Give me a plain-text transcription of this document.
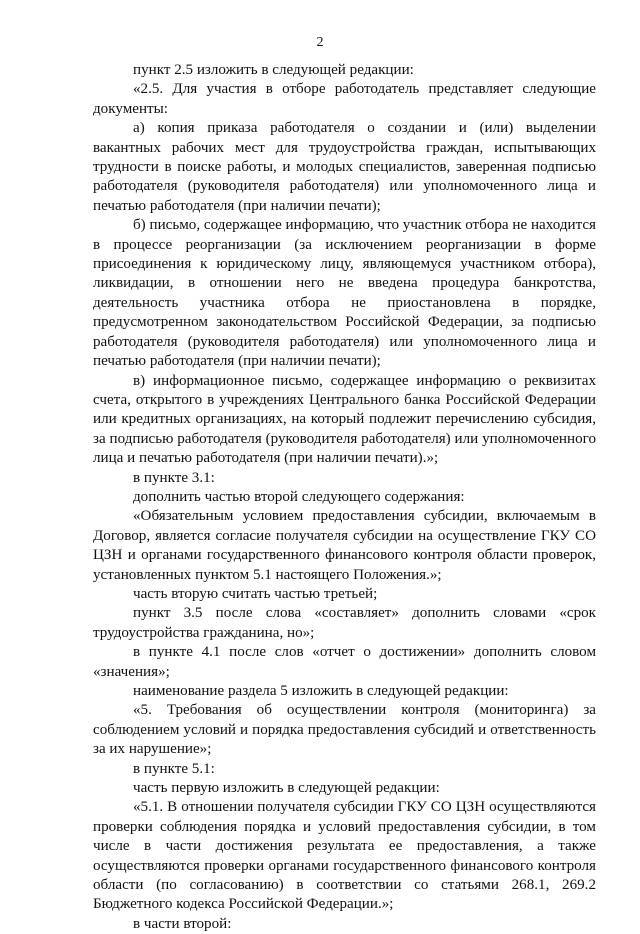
2

пункт 2.5 изложить в следующей редакции:

«2.5. Для участия в отборе работодатель представляет следующие документы:

а) копия приказа работодателя о создании и (или) выделении вакантных рабочих мест для трудоустройства граждан, испытывающих трудности в поиске работы, и молодых специалистов, заверенная подписью работодателя (руководителя работодателя) или уполномоченного лица и печатью работодателя (при наличии печати);

б) письмо, содержащее информацию, что участник отбора не находится в процессе реорганизации (за исключением реорганизации в форме присоединения к юридическому лицу, являющемуся участником отбора), ликвидации, в отношении него не введена процедура банкротства, деятельность участника отбора не приостановлена в порядке, предусмотренном законодательством Российской Федерации, за подписью работодателя (руководителя работодателя) или уполномоченного лица и печатью работодателя (при наличии печати);

в) информационное письмо, содержащее информацию о реквизитах счета, открытого в учреждениях Центрального банка Российской Федерации или кредитных организациях, на который подлежит перечислению субсидия, за подписью работодателя (руководителя работодателя) или уполномоченного лица и печатью работодателя (при наличии печати).»;

в пункте 3.1:

дополнить частью второй следующего содержания:

«Обязательным условием предоставления субсидии, включаемым в Договор, является согласие получателя субсидии на осуществление ГКУ СО ЦЗН и органами государственного финансового контроля области проверок, установленных пунктом 5.1 настоящего Положения.»;

часть вторую считать частью третьей;

пункт 3.5 после слова «составляет» дополнить словами «срок трудоустройства гражданина, но»;

в пункте 4.1 после слов «отчет о достижении» дополнить словом «значения»;

наименование раздела 5 изложить в следующей редакции:

«5. Требования об осуществлении контроля (мониторинга) за соблюдением условий и порядка предоставления субсидий и ответственность за их нарушение»;

в пункте 5.1:

часть первую изложить в следующей редакции:

«5.1. В отношении получателя субсидии ГКУ СО ЦЗН осуществляются проверки соблюдения порядка и условий предоставления субсидии, в том числе в части достижения результата ее предоставления, а также осуществляются проверки органами государственного финансового контроля области (по согласованию) в соответствии со статьями 268.1, 269.2 Бюджетного кодекса Российской Федерации.»;

в части второй:
